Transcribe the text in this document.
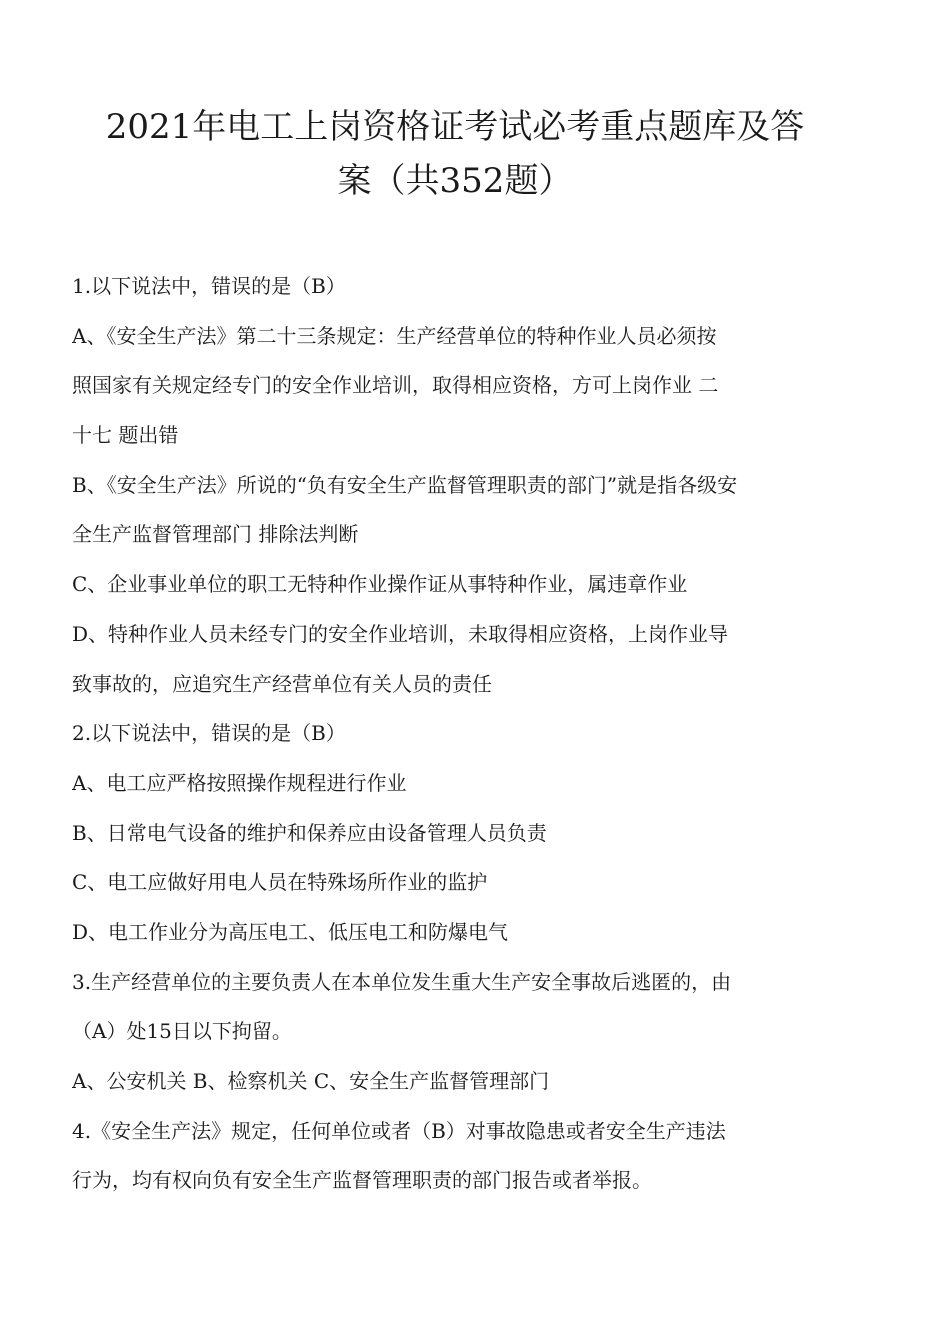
2021年电工上岗资格证考试必考重点题库及答
案（共352题）
1.以下说法中，错误的是（B）
A、《安全生产法》第二十三条规定：生产经营单位的特种作业人员必须按
照国家有关规定经专门的安全作业培训，取得相应资格，方可上岗作业 二
十七 题出错
B、《安全生产法》所说的“负有安全生产监督管理职责的部门”就是指各级安
全生产监督管理部门 排除法判断
C、企业事业单位的职工无特种作业操作证从事特种作业，属违章作业
D、特种作业人员未经专门的安全作业培训，未取得相应资格，上岗作业导
致事故的，应追究生产经营单位有关人员的责任
2.以下说法中，错误的是（B）
A、电工应严格按照操作规程进行作业
B、日常电气设备的维护和保养应由设备管理人员负责
C、电工应做好用电人员在特殊场所作业的监护
D、电工作业分为高压电工、低压电工和防爆电气
3.生产经营单位的主要负责人在本单位发生重大生产安全事故后逃匿的，由
（A）处15日以下拘留。
A、公安机关 B、检察机关 C、安全生产监督管理部门
4.《安全生产法》规定，任何单位或者（B）对事故隐患或者安全生产违法
行为，均有权向负有安全生产监督管理职责的部门报告或者举报。
